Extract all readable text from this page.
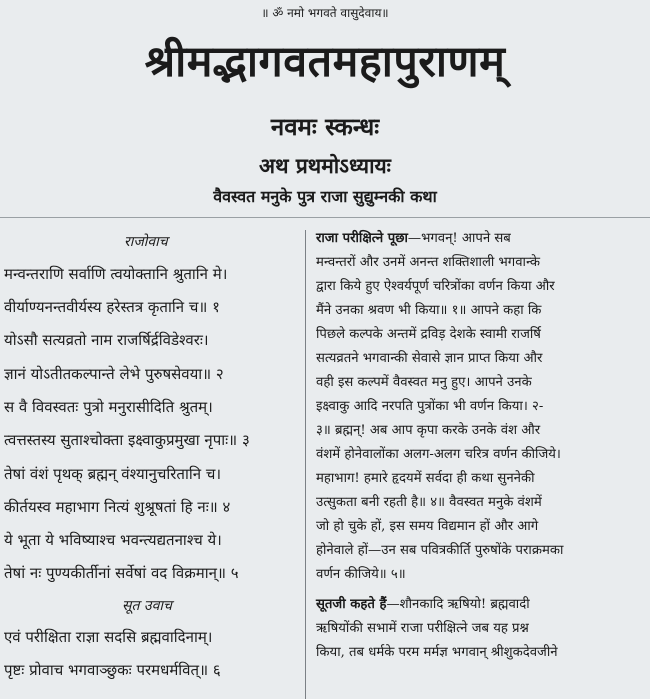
॥ ॐ नमो भगवते वासुदेवाय॥
श्रीमद्भागवतमहापुराणम्
नवमः स्कन्धः
अथ प्रथमोऽध्यायः
वैवस्वत मनुके पुत्र राजा सुद्युम्नकी कथा
राजोवाच
मन्वन्तराणि सर्वाणि त्वयोक्तानि श्रुतानि मे।
वीर्याण्यनन्तवीर्यस्य हरेस्तत्र कृतानि च॥ १
योऽसौ सत्यव्रतो नाम राजर्षिर्द्रविडेश्वरः।
ज्ञानं योऽतीतकल्पान्ते लेभे पुरुषसेवया॥ २
स वै विवस्वतः पुत्रो मनुरासीदिति श्रुतम्।
त्वत्तस्तस्य सुताश्चोक्ता इक्ष्वाकुप्रमुखा नृपाः॥ ३
तेषां वंशं पृथक् ब्रह्मन् वंश्यानुचरितानि च।
कीर्तयस्व महाभाग नित्यं शुश्रूषतां हि नः॥ ४
ये भूता ये भविष्याश्च भवन्त्यद्यतनाश्च ये।
तेषां नः पुण्यकीर्तीनां सर्वेषां वद विक्रमान्॥ ५
सूत उवाच
एवं परीक्षिता राज्ञा सदसि ब्रह्मवादिनाम्।
पृष्टः प्रोवाच भगवाञ्छुकः परमधर्मवित्॥ ६
राजा परीक्षित्ने पूछा—भगवन्! आपने सब
मन्वन्तरों और उनमें अनन्त शक्तिशाली भगवान्के
द्वारा किये हुए ऐश्वर्यपूर्ण चरित्रोंका वर्णन किया और
मैंने उनका श्रवण भी किया॥ १॥ आपने कहा कि
पिछले कल्पके अन्तमें द्रविड़ देशके स्वामी राजर्षि
सत्यव्रतने भगवान्की सेवासे ज्ञान प्राप्त किया और
वही इस कल्पमें वैवस्वत मनु हुए। आपने उनके
इक्ष्वाकु आदि नरपति पुत्रोंका भी वर्णन किया। २-
३॥ ब्रह्मन्! अब आप कृपा करके उनके वंश और
वंशमें होनेवालोंका अलग-अलग चरित्र वर्णन कीजिये।
महाभाग! हमारे हृदयमें सर्वदा ही कथा सुननेकी
उत्सुकता बनी रहती है॥ ४॥ वैवस्वत मनुके वंशमें
जो हो चुके हों, इस समय विद्यमान हों और आगे
होनेवाले हों—उन सब पवित्रकीर्ति पुरुषोंके पराक्रमका
वर्णन कीजिये॥ ५॥
सूतजी कहते हैं—शौनकादि ऋषियो! ब्रह्मवादी
ऋषियोंकी सभामें राजा परीक्षित्ने जब यह प्रश्न
किया, तब धर्मके परम मर्मज्ञ भगवान् श्रीशुकदेवजीने
